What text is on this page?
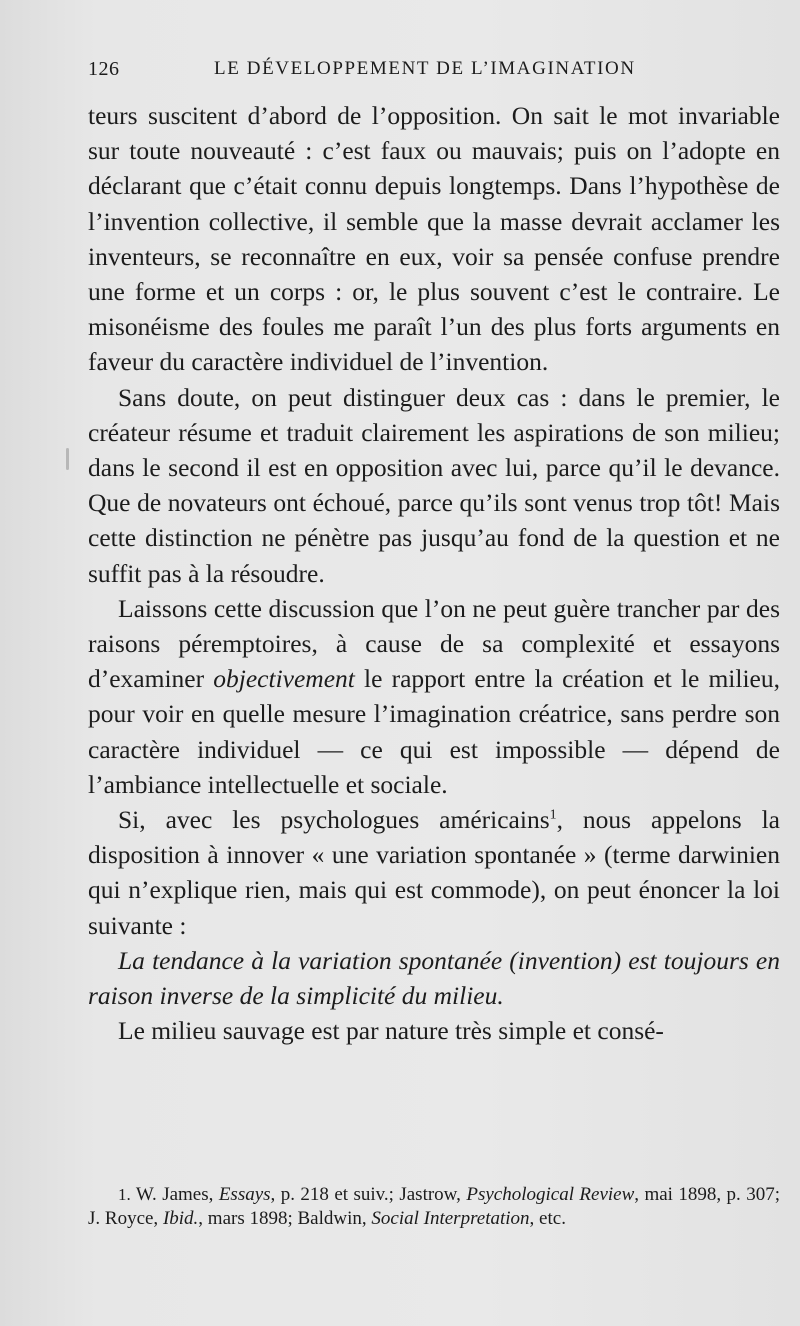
126	LE DÉVELOPPEMENT DE L’IMAGINATION

teurs suscitent d’abord de l’opposition. On sait le mot invariable sur toute nouveauté : c’est faux ou mauvais; puis on l’adopte en déclarant que c’était connu depuis longtemps. Dans l’hypothèse de l’invention collective, il semble que la masse devrait acclamer les inventeurs, se reconnaître en eux, voir sa pensée confuse prendre une forme et un corps : or, le plus souvent c’est le contraire. Le misonéisme des foules me paraît l’un des plus forts arguments en faveur du caractère individuel de l’invention.

Sans doute, on peut distinguer deux cas : dans le premier, le créateur résume et traduit clairement les aspirations de son milieu; dans le second il est en opposition avec lui, parce qu’il le devance. Que de novateurs ont échoué, parce qu’ils sont venus trop tôt! Mais cette distinction ne pénètre pas jusqu’au fond de la question et ne suffit pas à la résoudre.

Laissons cette discussion que l’on ne peut guère trancher par des raisons péremptoires, à cause de sa complexité et essayons d’examiner objectivement le rapport entre la création et le milieu, pour voir en quelle mesure l’imagination créatrice, sans perdre son caractère individuel — ce qui est impossible — dépend de l’ambiance intellectuelle et sociale.

Si, avec les psychologues américains$^1$, nous appelons la disposition à innover « une variation spontanée » (terme darwinien qui n’explique rien, mais qui est commode), on peut énoncer la loi suivante :

La tendance à la variation spontanée (invention) est toujours en raison inverse de la simplicité du milieu.

Le milieu sauvage est par nature très simple et consé-

1. W. James, Essays, p. 218 et suiv.; Jastrow, Psychological Review, mai 1898, p. 307; J. Royce, Ibid., mars 1898; Baldwin, Social Interpretation, etc.
